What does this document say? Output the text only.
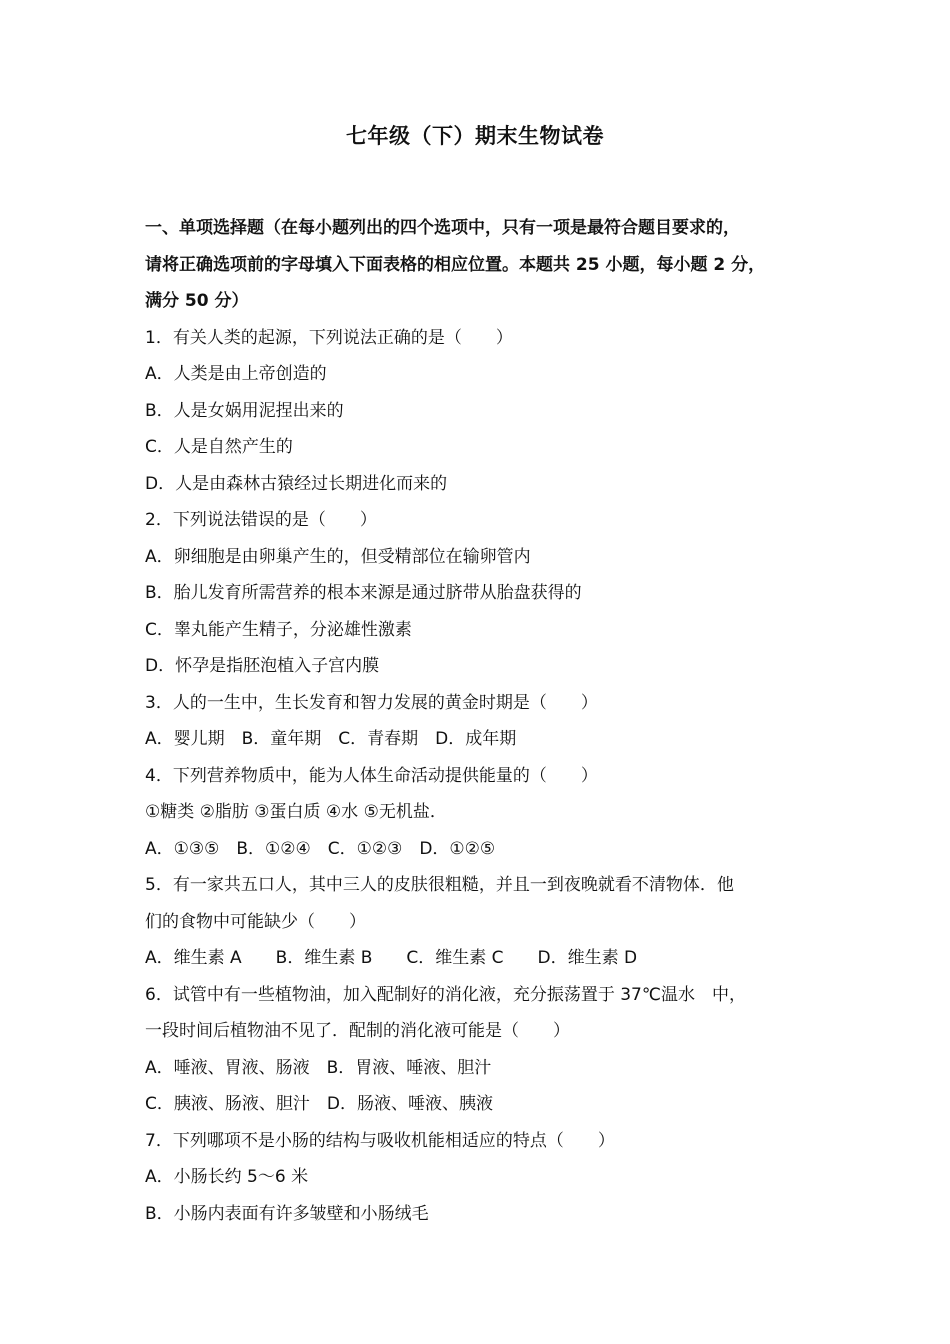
七年级（下）期末生物试卷
一、单项选择题（在每小题列出的四个选项中，只有一项是最符合题目要求的，
请将正确选项前的字母填入下面表格的相应位置。本题共 25 小题，每小题 2 分，
满分 50 分）
1．有关人类的起源，下列说法正确的是（　　）
A．人类是由上帝创造的
B．人是女娲用泥捏出来的
C．人是自然产生的
D．人是由森林古猿经过长期进化而来的
2．下列说法错误的是（　　）
A．卵细胞是由卵巢产生的，但受精部位在输卵管内
B．胎儿发育所需营养的根本来源是通过脐带从胎盘获得的
C．睾丸能产生精子，分泌雄性激素
D．怀孕是指胚泡植入子宫内膜
3．人的一生中，生长发育和智力发展的黄金时期是（　　）
A．婴儿期　B．童年期　C．青春期　D．成年期
4．下列营养物质中，能为人体生命活动提供能量的（　　）
①糖类 ②脂肪 ③蛋白质 ④水 ⑤无机盐．
A．①③⑤　B．①②④　C．①②③　D．①②⑤
5．有一家共五口人，其中三人的皮肤很粗糙，并且一到夜晚就看不清物体．他
们的食物中可能缺少（　　）
A．维生素 A　　B．维生素 B　　C．维生素 C　　D．维生素 D
6．试管中有一些植物油，加入配制好的消化液，充分振荡置于 37℃温水　中，
一段时间后植物油不见了．配制的消化液可能是（　　）
A．唾液、胃液、肠液　B．胃液、唾液、胆汁
C．胰液、肠液、胆汁　D．肠液、唾液、胰液
7．下列哪项不是小肠的结构与吸收机能相适应的特点（　　）
A．小肠长约 5～6 米
B．小肠内表面有许多皱壁和小肠绒毛
